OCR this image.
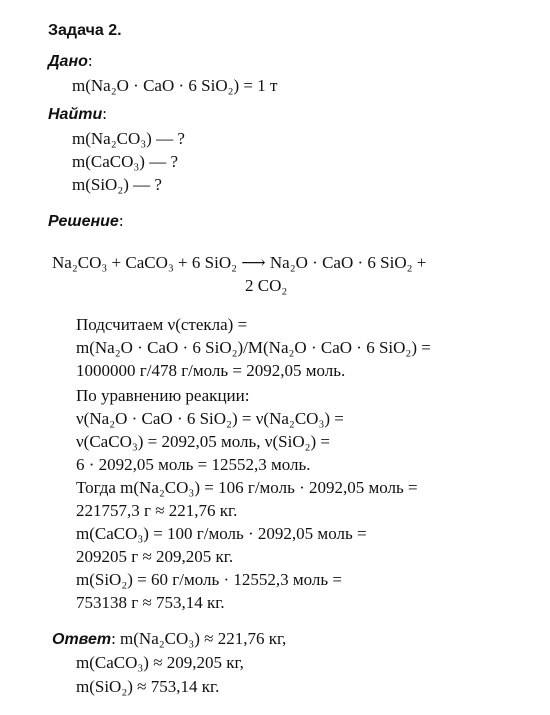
Задача 2.
Дано:
m(Na₂O · CaO · 6 SiO₂) = 1 т
Найти:
m(Na₂CO₃) — ?
m(CaCO₃) — ?
m(SiO₂) — ?
Решение:
Na₂CO₃ + CaCO₃ + 6 SiO₂ ⟶ Na₂O · CaO · 6 SiO₂ +
2 CO₂
Подсчитаем ν(стекла) =
m(Na₂O · CaO · 6 SiO₂)/M(Na₂O · CaO · 6 SiO₂) =
1000000 г/478 г/моль = 2092,05 моль.
По уравнению реакции:
ν(Na₂O · CaO · 6 SiO₂) = ν(Na₂CO₃) =
ν(CaCO₃) = 2092,05 моль, ν(SiO₂) =
6 · 2092,05 моль = 12552,3 моль.
Тогда m(Na₂CO₃) = 106 г/моль · 2092,05 моль =
221757,3 г ≈ 221,76 кг.
m(CaCO₃) = 100 г/моль · 2092,05 моль =
209205 г ≈ 209,205 кг.
m(SiO₂) = 60 г/моль · 12552,3 моль =
753138 г ≈ 753,14 кг.
Ответ: m(Na₂CO₃) ≈ 221,76 кг,
m(CaCO₃) ≈ 209,205 кг,
m(SiO₂) ≈ 753,14 кг.
